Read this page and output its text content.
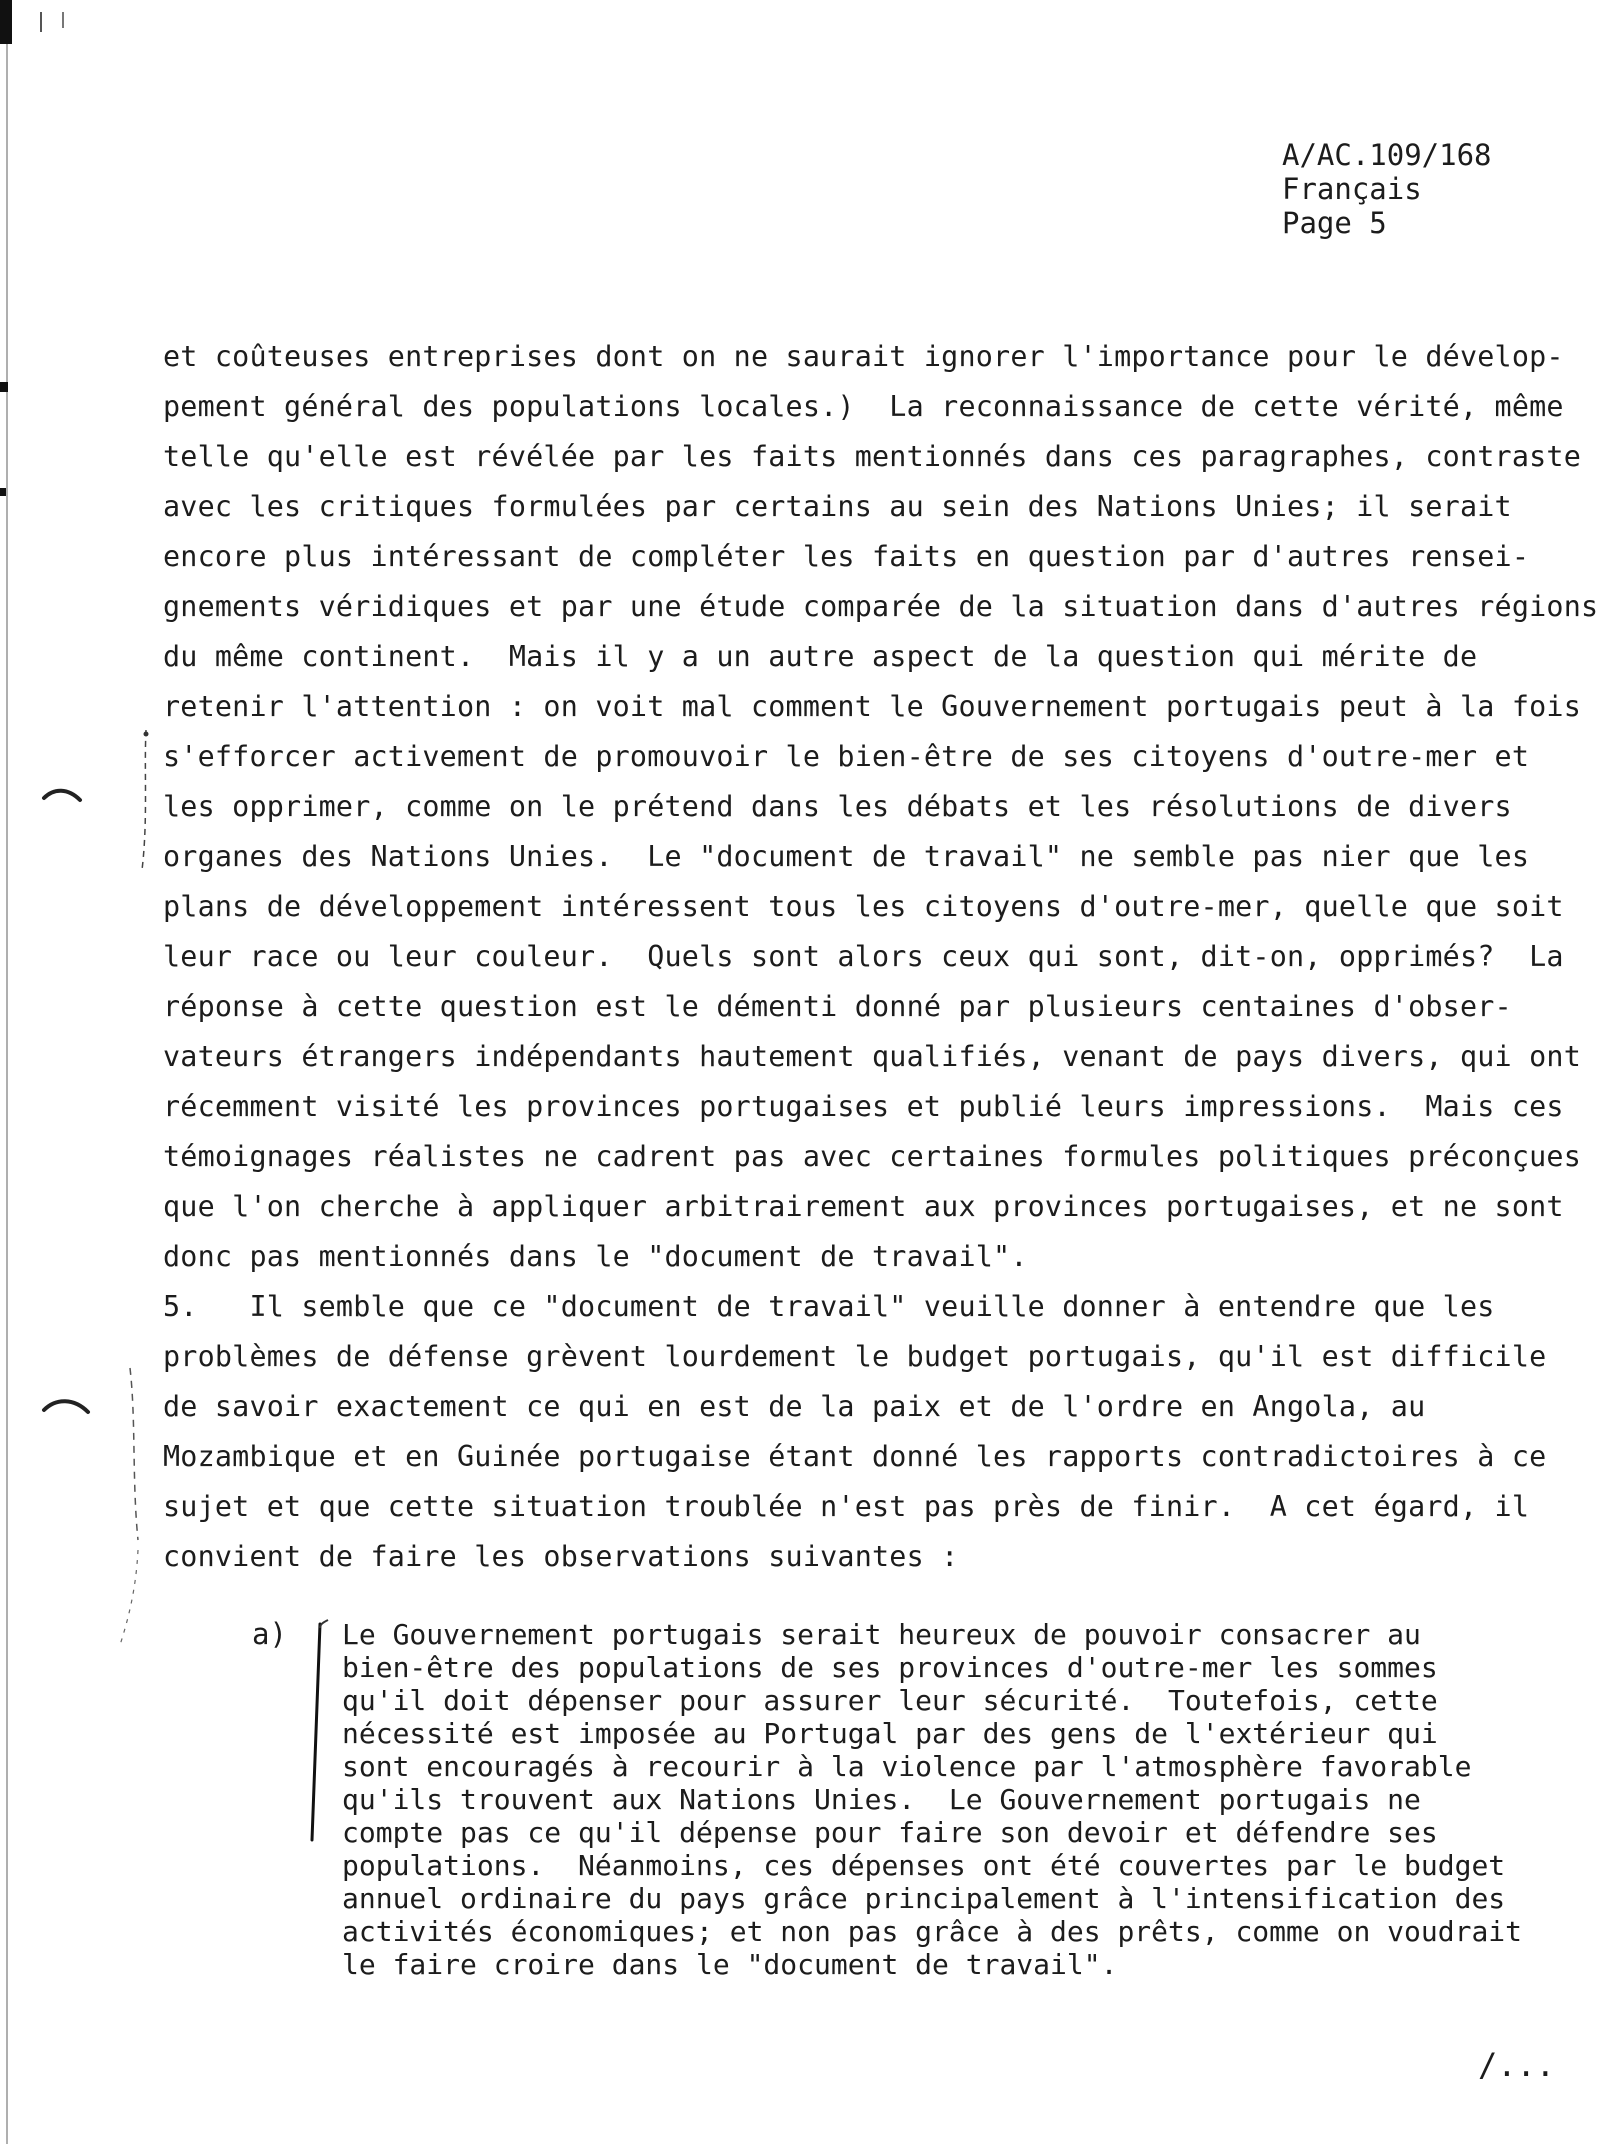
A/AC.109/168
Français
Page 5
et coûteuses entreprises dont on ne saurait ignorer l'importance pour le dévelop-
pement général des populations locales.)  La reconnaissance de cette vérité, même
telle qu'elle est révélée par les faits mentionnés dans ces paragraphes, contraste
avec les critiques formulées par certains au sein des Nations Unies; il serait
encore plus intéressant de compléter les faits en question par d'autres rensei-
gnements véridiques et par une étude comparée de la situation dans d'autres régions
du même continent.  Mais il y a un autre aspect de la question qui mérite de
retenir l'attention : on voit mal comment le Gouvernement portugais peut à la fois
s'efforcer activement de promouvoir le bien-être de ses citoyens d'outre-mer et
les opprimer, comme on le prétend dans les débats et les résolutions de divers
organes des Nations Unies.  Le "document de travail" ne semble pas nier que les
plans de développement intéressent tous les citoyens d'outre-mer, quelle que soit
leur race ou leur couleur.  Quels sont alors ceux qui sont, dit-on, opprimés?  La
réponse à cette question est le démenti donné par plusieurs centaines d'obser-
vateurs étrangers indépendants hautement qualifiés, venant de pays divers, qui ont
récemment visité les provinces portugaises et publié leurs impressions.  Mais ces
témoignages réalistes ne cadrent pas avec certaines formules politiques préconçues
que l'on cherche à appliquer arbitrairement aux provinces portugaises, et ne sont
donc pas mentionnés dans le "document de travail".
5.   Il semble que ce "document de travail" veuille donner à entendre que les
problèmes de défense grèvent lourdement le budget portugais, qu'il est difficile
de savoir exactement ce qui en est de la paix et de l'ordre en Angola, au
Mozambique et en Guinée portugaise étant donné les rapports contradictoires à ce
sujet et que cette situation troublée n'est pas près de finir.  A cet égard, il
convient de faire les observations suivantes :
a) Le Gouvernement portugais serait heureux de pouvoir consacrer au
bien-être des populations de ses provinces d'outre-mer les sommes
qu'il doit dépenser pour assurer leur sécurité.  Toutefois, cette
nécessité est imposée au Portugal par des gens de l'extérieur qui
sont encouragés à recourir à la violence par l'atmosphère favorable
qu'ils trouvent aux Nations Unies.  Le Gouvernement portugais ne
compte pas ce qu'il dépense pour faire son devoir et défendre ses
populations.  Néanmoins, ces dépenses ont été couvertes par le budget
annuel ordinaire du pays grâce principalement à l'intensification des
activités économiques; et non pas grâce à des prêts, comme on voudrait
le faire croire dans le "document de travail".
/...
